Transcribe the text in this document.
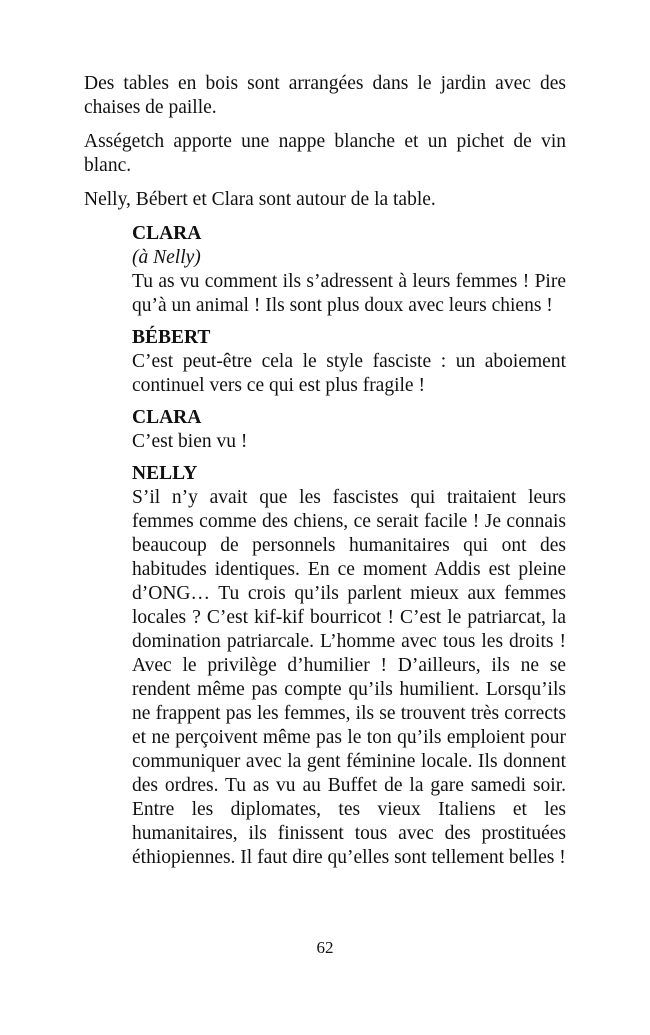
Des tables en bois sont arrangées dans le jardin avec des chaises de paille.

Asségetch apporte une nappe blanche et un pichet de vin blanc.

Nelly, Bébert et Clara sont autour de la table.

CLARA
(à Nelly)

Tu as vu comment ils s’adressent à leurs femmes ! Pire qu’à un animal ! Ils sont plus doux avec leurs chiens !

BÉBERT

C’est peut-être cela le style fasciste : un aboiement continuel vers ce qui est plus fragile !

CLARA

C’est bien vu !

NELLY

S’il n’y avait que les fascistes qui traitaient leurs femmes comme des chiens, ce serait facile ! Je connais beaucoup de personnels humanitaires qui ont des habitudes identiques. En ce moment Addis est pleine d’ONG… Tu crois qu’ils parlent mieux aux femmes locales ? C’est kif-kif bourricot ! C’est le patriarcat, la domination patriarcale. L’homme avec tous les droits ! Avec le privilège d’humilier ! D’ailleurs, ils ne se rendent même pas compte qu’ils humilient. Lorsqu’ils ne frappent pas les femmes, ils se trouvent très corrects et ne perçoivent même pas le ton qu’ils emploient pour communiquer avec la gent féminine locale. Ils donnent des ordres. Tu as vu au Buffet de la gare samedi soir. Entre les diplomates, tes vieux Italiens et les humanitaires, ils finissent tous avec des prostituées éthiopiennes. Il faut dire qu’elles sont tellement belles !

62
